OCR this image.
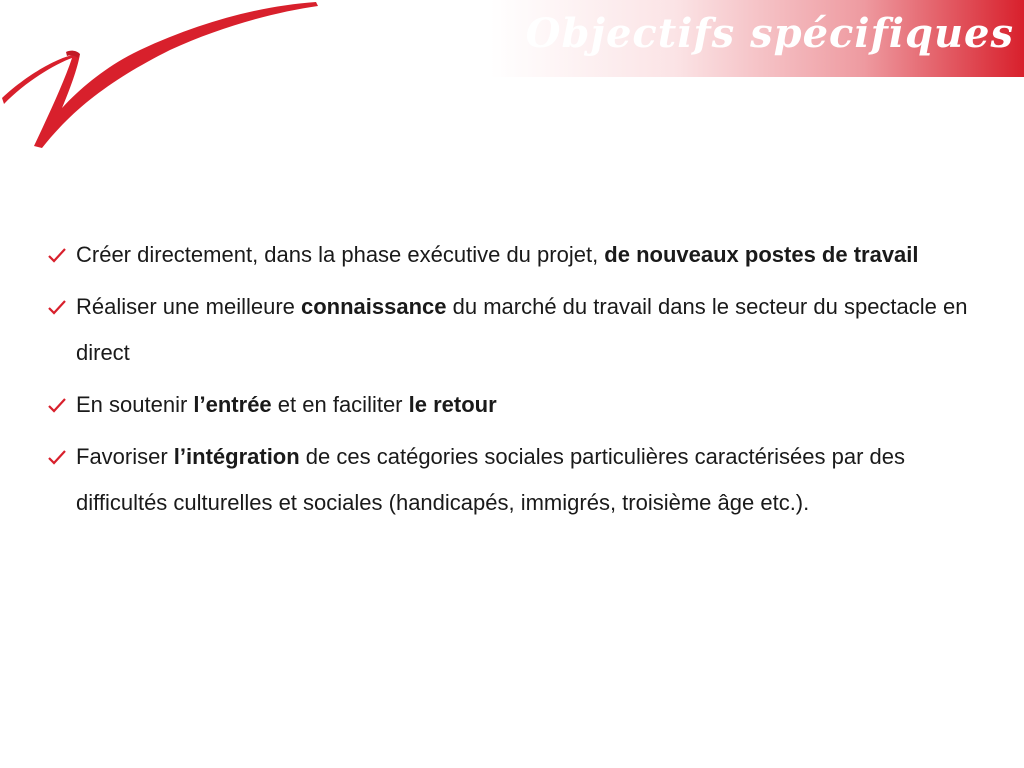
Objectifs spécifiques
Créer directement, dans la phase exécutive du projet, de nouveaux postes de travail
Réaliser une meilleure connaissance du marché du travail dans le secteur du spectacle en direct
En soutenir l’entrée et en faciliter le retour
Favoriser l’intégration de ces catégories sociales particulières caractérisées par des difficultés culturelles et sociales (handicapés, immigrés, troisième âge etc.).
